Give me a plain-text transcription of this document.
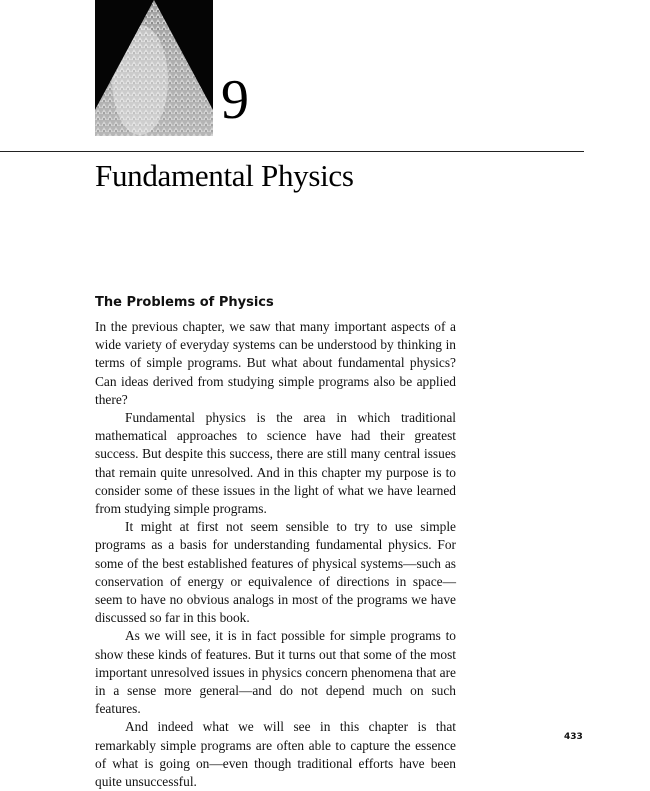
9
Fundamental Physics
The Problems of Physics

In the previous chapter, we saw that many important aspects of a wide variety of everyday systems can be understood by thinking in terms of simple programs. But what about fundamental physics? Can ideas derived from studying simple programs also be applied there?

Fundamental physics is the area in which traditional mathematical approaches to science have had their greatest success. But despite this success, there are still many central issues that remain quite unresolved. And in this chapter my purpose is to consider some of these issues in the light of what we have learned from studying simple programs.

It might at first not seem sensible to try to use simple programs as a basis for understanding fundamental physics. For some of the best established features of physical systems—such as conservation of energy or equivalence of directions in space—seem to have no obvious analogs in most of the programs we have discussed so far in this book.

As we will see, it is in fact possible for simple programs to show these kinds of features. But it turns out that some of the most important unresolved issues in physics concern phenomena that are in a sense more general—and do not depend much on such features.

And indeed what we will see in this chapter is that remarkably simple programs are often able to capture the essence of what is going on—even though traditional efforts have been quite unsuccessful.

433
